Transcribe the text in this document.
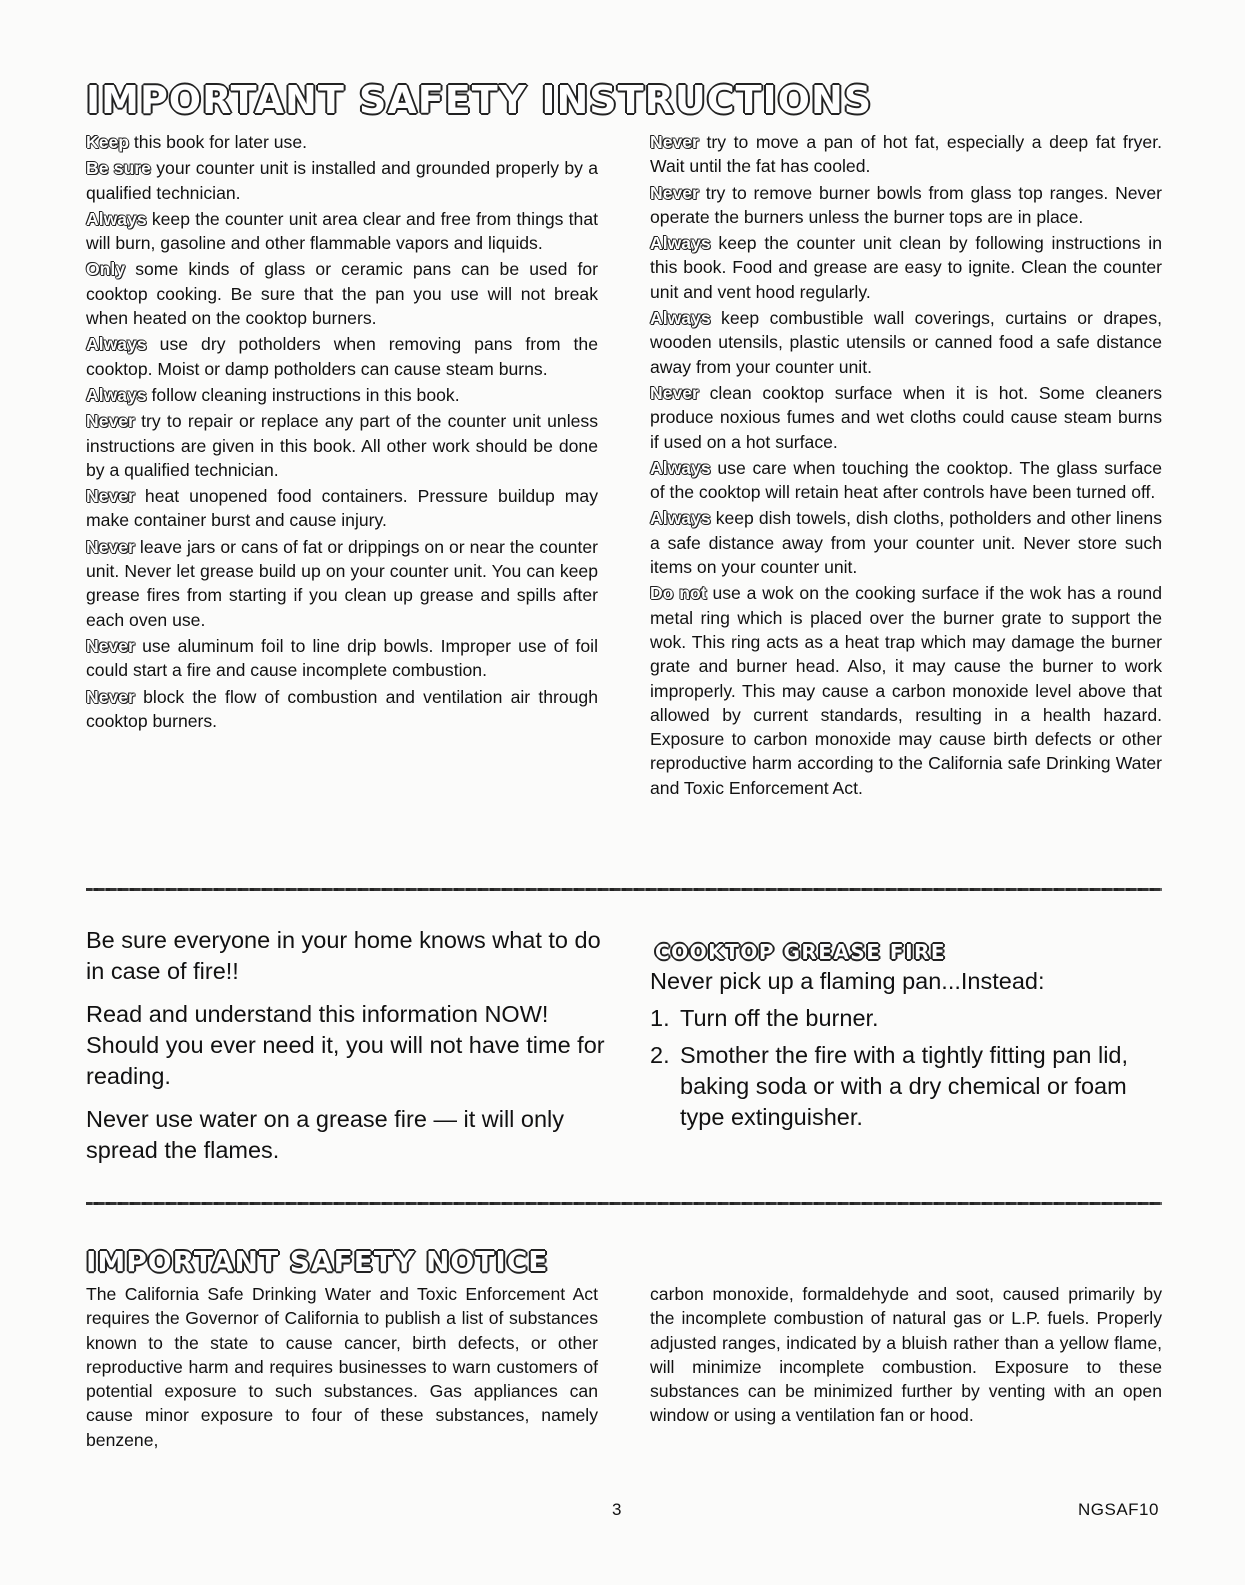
IMPORTANT SAFETY INSTRUCTIONS

Keep this book for later use.

Be sure your counter unit is installed and grounded properly by a qualified technician.

Always keep the counter unit area clear and free from things that will burn, gasoline and other flammable vapors and liquids.

Only some kinds of glass or ceramic pans can be used for cooktop cooking. Be sure that the pan you use will not break when heated on the cooktop burners.

Always use dry potholders when removing pans from the cooktop. Moist or damp potholders can cause steam burns.

Always follow cleaning instructions in this book.

Never try to repair or replace any part of the counter unit unless instructions are given in this book. All other work should be done by a qualified technician.

Never heat unopened food containers. Pressure buildup may make container burst and cause injury.

Never leave jars or cans of fat or drippings on or near the counter unit. Never let grease build up on your counter unit. You can keep grease fires from starting if you clean up grease and spills after each oven use.

Never use aluminum foil to line drip bowls. Improper use of foil could start a fire and cause incomplete combustion.

Never block the flow of combustion and ventilation air through cooktop burners.

Never try to move a pan of hot fat, especially a deep fat fryer. Wait until the fat has cooled.

Never try to remove burner bowls from glass top ranges. Never operate the burners unless the burner tops are in place.

Always keep the counter unit clean by following instructions in this book. Food and grease are easy to ignite. Clean the counter unit and vent hood regularly.

Always keep combustible wall coverings, curtains or drapes, wooden utensils, plastic utensils or canned food a safe distance away from your counter unit.

Never clean cooktop surface when it is hot. Some cleaners produce noxious fumes and wet cloths could cause steam burns if used on a hot surface.

Always use care when touching the cooktop. The glass surface of the cooktop will retain heat after controls have been turned off.

Always keep dish towels, dish cloths, potholders and other linens a safe distance away from your counter unit. Never store such items on your counter unit.

Do not use a wok on the cooking surface if the wok has a round metal ring which is placed over the burner grate to support the wok. This ring acts as a heat trap which may damage the burner grate and burner head. Also, it may cause the burner to work improperly. This may cause a carbon monoxide level above that allowed by current standards, resulting in a health hazard. Exposure to carbon monoxide may cause birth defects or other reproductive harm according to the California safe Drinking Water and Toxic Enforcement Act.

Be sure everyone in your home knows what to do in case of fire!!

Read and understand this information NOW! Should you ever need it, you will not have time for reading.

Never use water on a grease fire — it will only spread the flames.

COOKTOP GREASE FIRE

Never pick up a flaming pan...Instead:

1. Turn off the burner.
2. Smother the fire with a tightly fitting pan lid, baking soda or with a dry chemical or foam type extinguisher.
IMPORTANT SAFETY NOTICE

The California Safe Drinking Water and Toxic Enforcement Act requires the Governor of California to publish a list of substances known to the state to cause cancer, birth defects, or other reproductive harm and requires businesses to warn customers of potential exposure to such substances. Gas appliances can cause minor exposure to four of these substances, namely benzene,

carbon monoxide, formaldehyde and soot, caused primarily by the incomplete combustion of natural gas or L.P. fuels. Properly adjusted ranges, indicated by a bluish rather than a yellow flame, will minimize incomplete combustion. Exposure to these substances can be minimized further by venting with an open window or using a ventilation fan or hood.

3	NGSAF10
